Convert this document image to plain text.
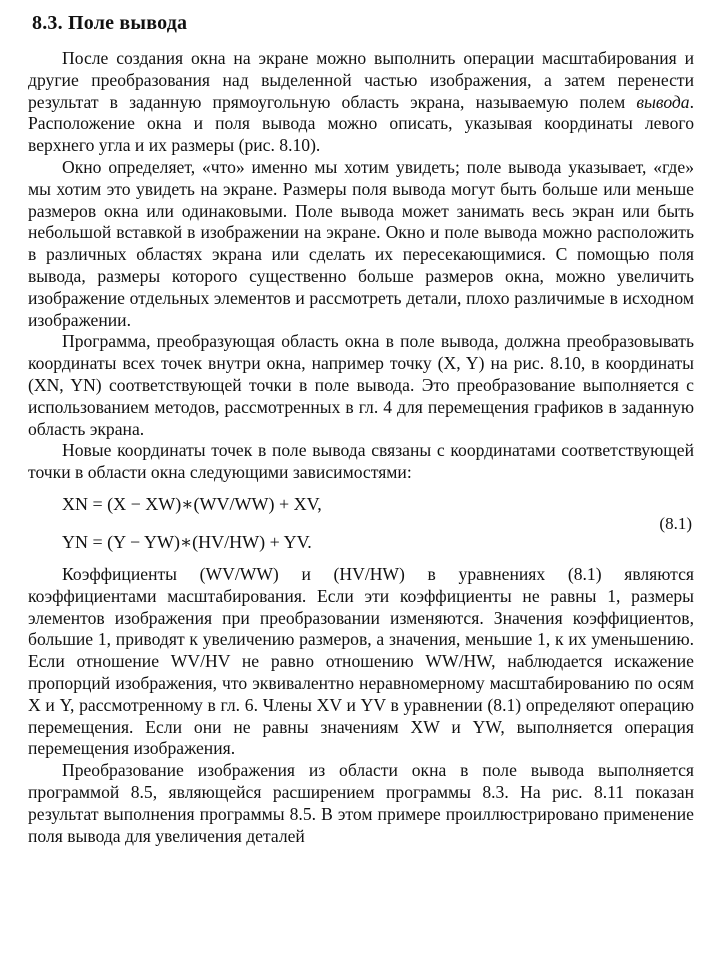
8.3. Поле вывода

После создания окна на экране можно выполнить операции масштабирования и другие преобразования над выделенной частью изображения, а затем перенести результат в заданную прямоугольную область экрана, называемую полем вывода. Расположение окна и поля вывода можно описать, указывая координаты левого верхнего угла и их размеры (рис. 8.10).

Окно определяет, «что» именно мы хотим увидеть; поле вывода указывает, «где» мы хотим это увидеть на экране. Размеры поля вывода могут быть больше или меньше размеров окна или одинаковыми. Поле вывода может занимать весь экран или быть небольшой вставкой в изображении на экране. Окно и поле вывода можно расположить в различных областях экрана или сделать их пересекающимися. С помощью поля вывода, размеры которого существенно больше размеров окна, можно увеличить изображение отдельных элементов и рассмотреть детали, плохо различимые в исходном изображении.

Программа, преобразующая область окна в поле вывода, должна преобразовывать координаты всех точек внутри окна, например точку (X, Y) на рис. 8.10, в координаты (XN, YN) соответствующей точки в поле вывода. Это преобразование выполняется с использованием методов, рассмотренных в гл. 4 для перемещения графиков в заданную область экрана.

Новые координаты точек в поле вывода связаны с координатами соответствующей точки в области окна следующими зависимостями:

XN = (X − XW)∗(WV/WW) + XV,
YN = (Y − YW)∗(HV/HW) + YV.
(8.1)

Коэффициенты (WV/WW) и (HV/HW) в уравнениях (8.1) являются коэффициентами масштабирования. Если эти коэффициенты не равны 1, размеры элементов изображения при преобразовании изменяются. Значения коэффициентов, большие 1, приводят к увеличению размеров, а значения, меньшие 1, к их уменьшению. Если отношение WV/HV не равно отношению WW/HW, наблюдается искажение пропорций изображения, что эквивалентно неравномерному масштабированию по осям X и Y, рассмотренному в гл. 6. Члены XV и YV в уравнении (8.1) определяют операцию перемещения. Если они не равны значениям XW и YW, выполняется операция перемещения изображения.

Преобразование изображения из области окна в поле вывода выполняется программой 8.5, являющейся расширением программы 8.3. На рис. 8.11 показан результат выполнения программы 8.5. В этом примере проиллюстрировано применение поля вывода для увеличения деталей
